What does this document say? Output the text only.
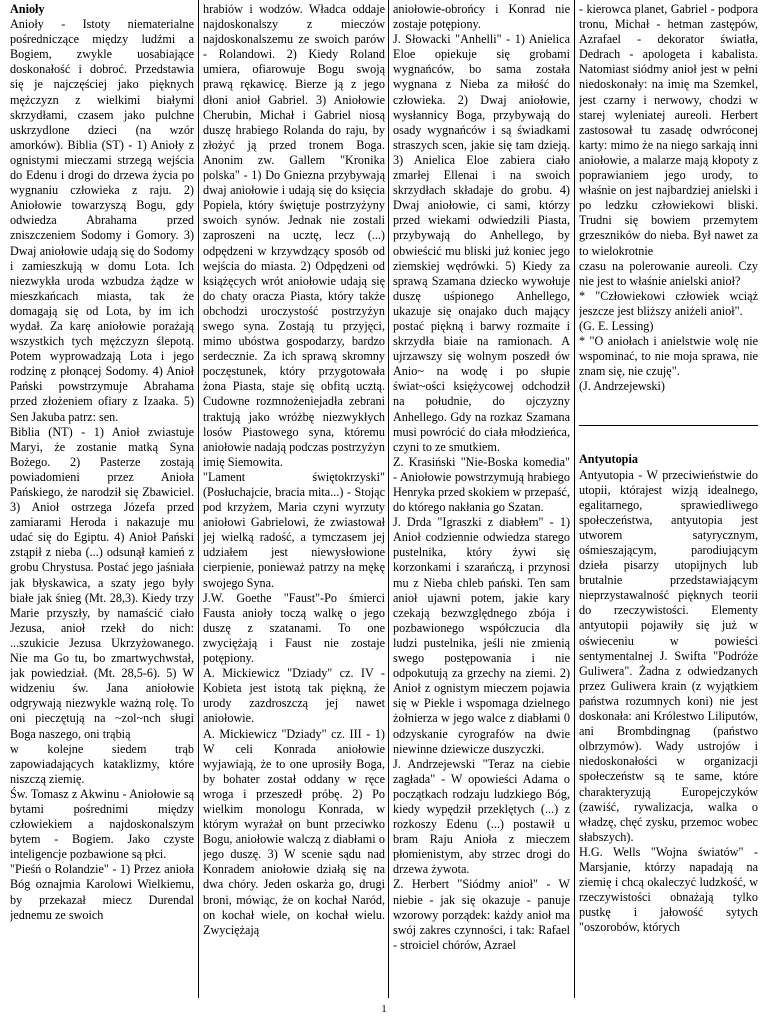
Anioły

Anioły - Istoty niematerialne pośredniczące między ludźmi a Bogiem, zwykle uosabiające doskonałość i dobroć. Przedstawia się je najczęściej jako pięknych mężczyzn z wielkimi białymi skrzydłami, czasem jako pulchne uskrzydlone dzieci (na wzór amorków). Biblia (ST) - 1) Anioły z ognistymi mieczami strzegą wejścia do Edenu i drogi do drzewa życia po wygnaniu człowieka z raju. 2) Aniołowie towarzyszą Bogu, gdy odwiedza Abrahama przed zniszczeniem Sodomy i Gomory. 3) Dwaj aniołowie udają się do Sodomy i zamieszkują w domu Lota. Ich niezwykła uroda wzbudza żądze w mieszkańcach miasta, tak że domagają się od Lota, by im ich wydał. Za karę aniołowie porażają wszystkich tych mężczyzn ślepotą. Potem wyprowadzają Lota i jego rodzinę z płonącej Sodomy. 4) Anioł Pański powstrzymuje Abrahama przed złożeniem ofiary z Izaaka. 5) Sen Jakuba patrz: sen.

Biblia (NT) - 1) Anioł zwiastuje Maryi, że zostanie matką Syna Bożego. 2) Pasterze zostają powiadomieni przez Anioła Pańskiego, że narodził się Zbawiciel. 3) Anioł ostrzega Józefa przed zamiarami Heroda i nakazuje mu udać się do Egiptu. 4) Anioł Pański zstąpił z nieba (...) odsunął kamień z grobu Chrystusa. Postać jego jaśniała jak błyskawica, a szaty jego były białe jak śnieg (Mt. 28,3). Kiedy trzy Marie przyszły, by namaścić ciało Jezusa, anioł rzekł do nich: ...szukicie Jezusa Ukrzyżowanego. Nie ma Go tu, bo zmartwychwstał, jak powiedział. (Mt. 28,5-6). 5) W widzeniu św. Jana aniołowie odgrywają niezwykle ważną rolę. To oni pieczętują na ~zol~nch sługi Boga naszego, oni trąbią

w kolejne siedem trąb zapowiadających kataklizmy, które niszczą ziemię.

Św. Tomasz z Akwinu - Aniołowie są bytami pośrednimi między człowiekiem a najdoskonalszym bytem - Bogiem. Jako czyste inteligencje pozbawione są płci.

"Pieśń o Rolandzie" - 1) Przez anioła Bóg oznajmia Karolowi Wielkiemu, by przekazał miecz Durendal jednemu ze swoich

hrabiów i wodzów. Władca oddaje najdoskonalszy z mieczów najdoskonalszemu ze swoich parów - Rolandowi. 2) Kiedy Roland umiera, ofiarowuje Bogu swoją prawą rękawicę. Bierze ją z jego dłoni anioł Gabriel. 3) Aniołowie Cherubin, Michał i Gabriel niosą duszę hrabiego Rolanda do raju, by złożyć ją przed tronem Boga. Anonim zw. Gallem "Kronika polska" - 1) Do Gniezna przybywają dwaj aniołowie i udają się do księcia Popiela, który świętuje postrzyżyny swoich synów. Jednak nie zostali zaproszeni na ucztę, lecz (...) odpędzeni w krzywdzący sposób od wejścia do miasta. 2) Odpędzeni od książęcych wrót aniołowie udają się do chaty oracza Piasta, który także obchodzi uroczystość postrzyżyn swego syna. Zostają tu przyjęci, mimo ubóstwa gospodarzy, bardzo serdecznie. Za ich sprawą skromny poczęstunek, który przygotowała żona Piasta, staje się obfitą ucztą. Cudowne rozmnożeniejadła zebrani traktują jako wróżbę niezwykłych losów Piastowego syna, któremu aniołowie nadają podczas postrzyżyn imię Siemowita.

"Lament świętokrzyski" (Posłuchajcie, bracia mita...) - Stojąc pod krzyżem, Maria czyni wyrzuty aniołowi Gabrielowi, że zwiastował jej wielką radość, a tymczasem jej udziałem jest niewysłowione cierpienie, ponieważ patrzy na mękę swojego Syna.

J.W. Goethe "Faust"-Po śmierci Fausta anioły toczą walkę o jego duszę z szatanami. To one zwyciężają i Faust nie zostaje potępiony.

A. Mickiewicz "Dziady" cz. IV - Kobieta jest istotą tak piękną, że urody zazdroszczą jej nawet aniołowie.

A. Mickiewicz "Dziady" cz. III - 1) W celi Konrada aniołowie wyjawiają, że to one uprosiły Boga, by bohater został oddany w ręce wroga i przeszedł próbę. 2) Po wielkim monologu Konrada, w którym wyrażał on bunt przeciwko Bogu, aniołowie walczą z diabłami o jego duszę. 3) W scenie sądu nad Konradem aniołowie działą się na dwa chóry. Jeden oskarża go, drugi broni, mówiąc, że on kochał Naród, on kochał wiele, on kochał wielu. Zwyciężają

aniołowie-obrońcy i Konrad nie zostaje potępiony.

J. Słowacki "Anhelli" - 1) Anielica Eloe opiekuje się grobami wygnańców, bo sama została wygnana z Nieba za miłość do człowieka. 2) Dwaj aniołowie, wysłannicy Boga, przybywają do osady wygnańców i są świadkami straszych scen, jakie się tam dzieją. 3) Anielica Eloe zabiera ciało zmarłej Ellenai i na swoich skrzydłach składaje do grobu. 4) Dwaj aniołowie, ci sami, którzy przed wiekami odwiedzili Piasta, przybywają do Anhellego, by obwieścić mu bliski już koniec jego ziemskiej wędrówki. 5) Kiedy za sprawą Szamana dziecko wywołuje duszę uśpionego Anhellego, ukazuje się onajako duch mający postać piękną i barwy rozmaite i skrzydła biaie na ramionach. A ujrzawszy się wolnym poszedł ów Anio~ na wodę i po słupie świat~ości księżycowej odchodził na południe, do ojczyzny Anhellego. Gdy na rozkaz Szamana musi powrócić do ciała młodzieńca, czyni to ze smutkiem.

Z. Krasiński "Nie-Boska komedia" - Aniołowie powstrzymują hrabiego Henryka przed skokiem w przepaść, do którego nakłania go Szatan.

J. Drda "Igraszki z diabłem" - 1) Anioł codziennie odwiedza starego pustelnika, który żywi się korzonkami i szarańczą, i przynosi mu z Nieba chleb pański. Ten sam anioł ujawni potem, jakie kary czekają bezwzględnego zbója i pozbawionego współczucia dla ludzi pustelnika, jeśli nie zmienią swego postępowania i nie odpokutują za grzechy na ziemi. 2) Anioł z ognistym mieczem pojawia się w Piekle i wspomaga dzielnego żołnierza w jego walce z diabłami 0 odzyskanie cyrografów na dwie niewinne dziewicze duszyczki.

J. Andrzejewski "Teraz na ciebie zagłada" - W opowieści Adama o początkach rodzaju ludzkiego Bóg, kiedy wypędził przeklętych (...) z rozkoszy Edenu (...) postawił u bram Raju Anioła z mieczem płomienistym, aby strzec drogi do drzewa żywota.

Z. Herbert "Siódmy anioł" - W niebie - jak się okazuje - panuje wzorowy porządek: każdy anioł ma swój zakres czynności, i tak: Rafael - stroiciel chórów, Azrael

- kierowca planet, Gabriel - podpora tronu, Michał - hetman zastępów, Azrafael - dekorator światła, Dedrach - apologeta i kabalista. Natomiast siódmy anioł jest w pełni niedoskonały: na imię ma Szemkel, jest czarny i nerwowy, chodzi w starej wyleniatej aureoli. Herbert zastosował tu zasadę odwróconej karty: mimo że na niego sarkają inni aniołowie, a malarze mają kłopoty z poprawianiem jego urody, to właśnie on jest najbardziej anielski i po ledzku człowiekowi bliski. Trudni się bowiem przemytem grzeszników do nieba. Był nawet za to wielokrotnie

czasu na polerowanie aureoli. Czy nie jest to właśnie anielski anioł?

* "Człowiekowi człowiek wciąż jeszcze jest bliższy aniżeli anioł".

(G. E. Lessing)

* "O aniołach i anielstwie wolę nie wspominać, to nie moja sprawa, nie znam się, nie czuję".

(J. Andrzejewski)

Antyutopia

Antyutopia - W przeciwieństwie do utopii, którajest wizją idealnego, egalitarnego, sprawiedliwego społeczeństwa, antyutopia jest utworem satyrycznym, ośmieszającym, parodiującym dzieła pisarzy utopijnych lub brutalnie przedstawiającym nieprzystawalność pięknych teorii do rzeczywistości. Elementy antyutopii pojawiły się już w oświeceniu w powieści sentymentalnej J. Swifta "Podróże Guliwera". Żadna z odwiedzanych przez Guliwera krain (z wyjątkiem państwa rozumnych koni) nie jest doskonała: ani Królestwo Liliputów, ani Brombdingnag (państwo olbrzymów). Wady ustrojów i niedoskonałości w organizacji społeczeństw są te same, które charakteryzują Europejczyków (zawiść, rywalizacja, walka o władzę, chęć zysku, przemoc wobec słabszych).

H.G. Wells "Wojna światów" - Marsjanie, którzy napadają na ziemię i chcą okaleczyć ludzkość, w rzeczywistości obnażają tylko pustkę i jałowość sytych "oszorobów, których

1
